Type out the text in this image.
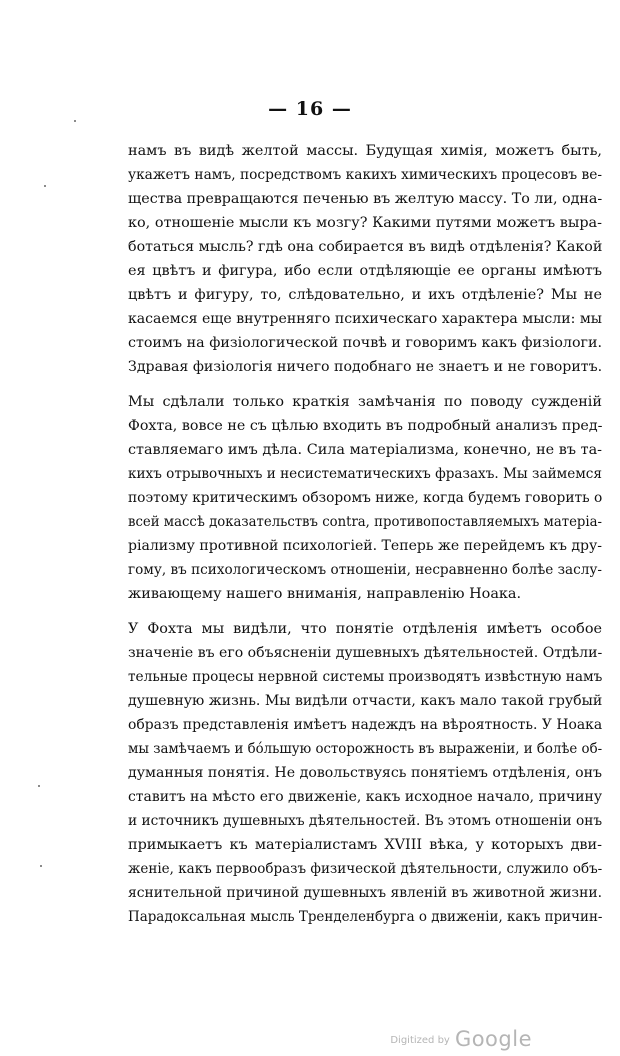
— 16 —

намъ въ видѣ желтой массы. Будущая химія, можетъ быть,
укажетъ намъ, посредствомъ какихъ химическихъ процесовъ ве-
щества превращаются печенью въ желтую массу. То ли, одна-
ко, отношеніе мысли къ мозгу? Какими путями можетъ выра-
ботаться мысль? гдѣ она собирается въ видѣ отдѣленія? Какой
ея цвѣтъ и фигура, ибо если отдѣляющіе ее органы имѣютъ
цвѣтъ и фигуру, то, слѣдовательно, и ихъ отдѣленіе? Мы не
касаемся еще внутренняго психическаго характера мысли: мы
стоимъ на физіологической почвѣ и говоримъ какъ физіологи.
Здравая физіологія ничего подобнаго не знаетъ и не говоритъ.

Мы сдѣлали только краткія замѣчанія по поводу сужденій
Фохта, вовсе не съ цѣлью входить въ подробный анализъ пред-
ставляемаго имъ дѣла. Сила матеріализма, конечно, не въ та-
кихъ отрывочныхъ и несистематическихъ фразахъ. Мы займемся
поэтому критическимъ обзоромъ ниже, когда будемъ говорить о
всей массѣ доказательствъ contra, противопоставляемыхъ матеріа-
ріализму противной психологіей. Теперь же перейдемъ къ дру-
гому, въ психологическомъ отношеніи, несравненно болѣе заслу-
живающему нашего вниманія, направленію Ноака.

У Фохта мы видѣли, что понятіе отдѣленія имѣетъ особое
значеніе въ его объясненіи душевныхъ дѣятельностей. Отдѣли-
тельные процесы нервной системы производятъ извѣстную намъ
душевную жизнь. Мы видѣли отчасти, какъ мало такой грубый
образъ представленія имѣетъ надеждъ на вѣроятность. У Ноака
мы замѣчаемъ и бóльшую осторожность въ выраженіи, и болѣе об-
думанныя понятія. Не довольствуясь понятіемъ отдѣленія, онъ
ставитъ на мѣсто его движеніе, какъ исходное начало, причину
и источникъ душевныхъ дѣятельностей. Въ этомъ отношеніи онъ
примыкаетъ къ матеріалистамъ XVIII вѣка, у которыхъ дви-
женіе, какъ первообразъ физической дѣятельности, служило объ-
яснительной причиной душевныхъ явленій въ животной жизни.
Парадоксальная мысль Тренделенбурга о движеніи, какъ причин-

Digitized by Google
